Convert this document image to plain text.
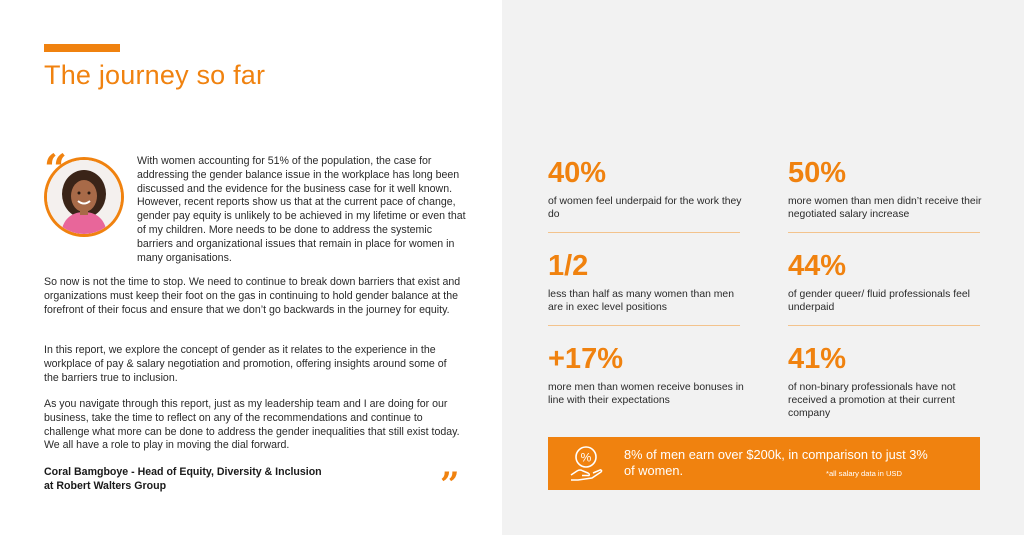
The journey so far
“	With women accounting for 51% of the population, the case for addressing the gender balance issue in the workplace has long been discussed and the evidence for the business case for it well known. However, recent reports show us that at the current pace of change, gender pay equity is unlikely to be achieved in my lifetime or even that of my children. More needs to be done to address the systemic barriers and organizational issues that remain in place for women in many organisations.

So now is not the time to stop. We need to continue to break down barriers that exist and organizations must keep their foot on the gas in continuing to hold gender balance at the forefront of their focus and ensure that we don’t go backwards in the journey for equity.

In this report, we explore the concept of gender as it relates to the experience in the workplace of pay & salary negotiation and promotion, offering insights around some of the barriers true to inclusion.

As you navigate through this report, just as my leadership team and I are doing for our business, take the time to reflect on any of the recommendations and continue to challenge what more can be done to address the gender inequalities that still exist today. We all have a role to play in moving the dial forward.

Coral Bamgboye - Head of Equity, Diversity & Inclusion
at Robert Walters Group	”
40%
of women feel underpaid for the work they do
50%
more women than men didn’t receive their negotiated salary increase
1/2
less than half as many women than men are in exec level positions
44%
of gender queer/ fluid professionals feel underpaid
+17%
more men than women receive bonuses in line with their expectations
41%
of non-binary professionals have not received a promotion at their current company
%	8% of men earn over $200k, in comparison to just 3% of women.	*all salary data in USD
